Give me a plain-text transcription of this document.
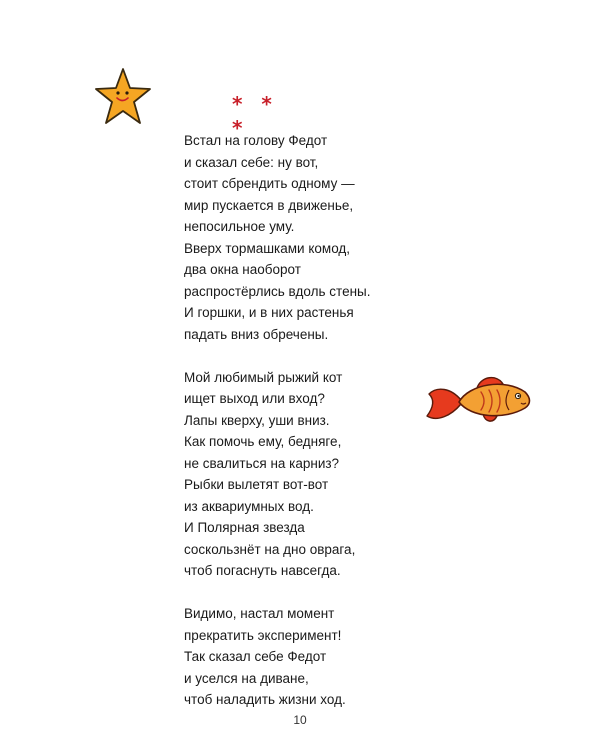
* * *
Встал на голову Федот
и сказал себе: ну вот,
стоит сбрендить одному —
мир пускается в движенье,
непосильное уму.
Вверх тормашками комод,
два окна наоборот
распростёрлись вдоль стены.
И горшки, и в них растенья
падать вниз обречены.
Мой любимый рыжий кот
ищет выход или вход?
Лапы кверху, уши вниз.
Как помочь ему, бедняге,
не свалиться на карниз?
Рыбки вылетят вот-вот
из аквариумных вод.
И Полярная звезда
соскользнёт на дно оврага,
чтоб погаснуть навсегда.
Видимо, настал момент
прекратить эксперимент!
Так сказал себе Федот
и уселся на диване,
чтоб наладить жизни ход.
10
